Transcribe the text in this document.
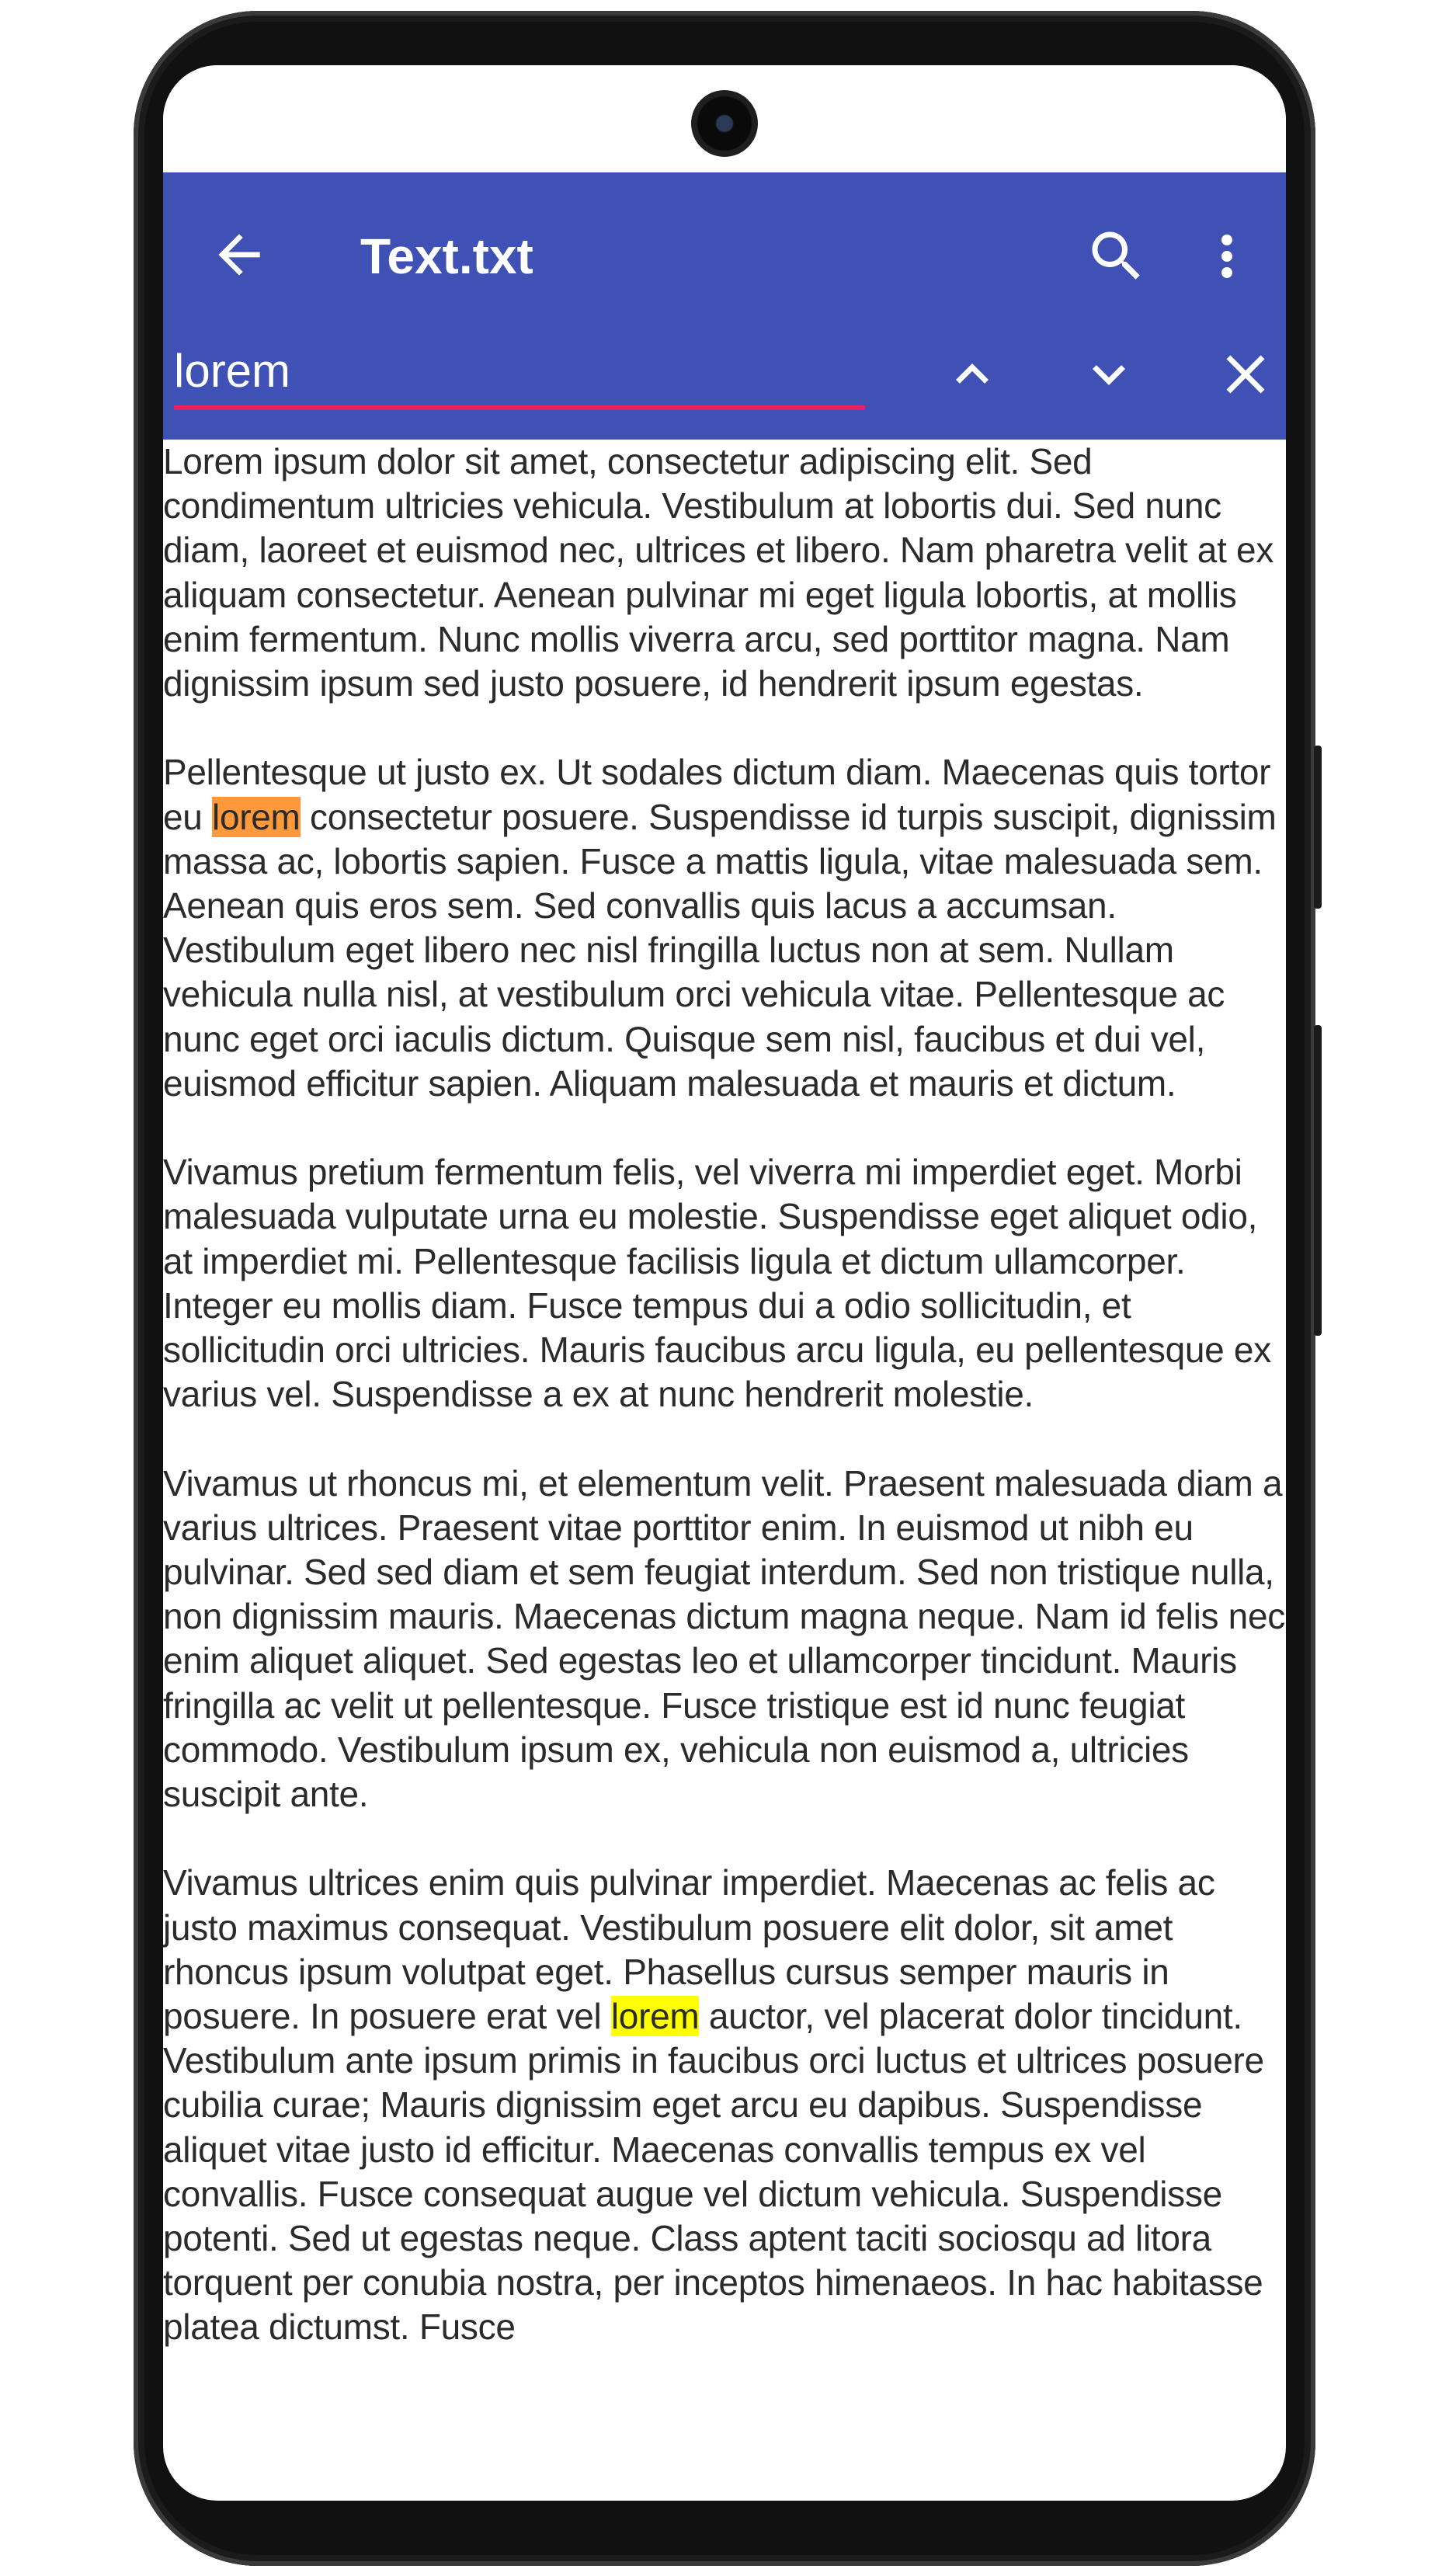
Text.txt
lorem

Lorem ipsum dolor sit amet, consectetur adipiscing elit. Sed condimentum ultricies vehicula. Vestibulum at lobortis dui. Sed nunc diam, laoreet et euismod nec, ultrices et libero. Nam pharetra velit at ex aliquam consectetur. Aenean pulvinar mi eget ligula lobortis, at mollis enim fermentum. Nunc mollis viverra arcu, sed porttitor magna. Nam dignissim ipsum sed justo posuere, id hendrerit ipsum egestas.

Pellentesque ut justo ex. Ut sodales dictum diam. Maecenas quis tortor eu lorem consectetur posuere. Suspendisse id turpis suscipit, dignissim massa ac, lobortis sapien. Fusce a mattis ligula, vitae malesuada sem. Aenean quis eros sem. Sed convallis quis lacus a accumsan. Vestibulum eget libero nec nisl fringilla luctus non at sem. Nullam vehicula nulla nisl, at vestibulum orci vehicula vitae. Pellentesque ac nunc eget orci iaculis dictum. Quisque sem nisl, faucibus et dui vel, euismod efficitur sapien. Aliquam malesuada et mauris et dictum.

Vivamus pretium fermentum felis, vel viverra mi imperdiet eget. Morbi malesuada vulputate urna eu molestie. Suspendisse eget aliquet odio, at imperdiet mi. Pellentesque facilisis ligula et dictum ullamcorper. Integer eu mollis diam. Fusce tempus dui a odio sollicitudin, et sollicitudin orci ultricies. Mauris faucibus arcu ligula, eu pellentesque ex varius vel. Suspendisse a ex at nunc hendrerit molestie.

Vivamus ut rhoncus mi, et elementum velit. Praesent malesuada diam a varius ultrices. Praesent vitae porttitor enim. In euismod ut nibh eu pulvinar. Sed sed diam et sem feugiat interdum. Sed non tristique nulla, non dignissim mauris. Maecenas dictum magna neque. Nam id felis nec enim aliquet aliquet. Sed egestas leo et ullamcorper tincidunt. Mauris fringilla ac velit ut pellentesque. Fusce tristique est id nunc feugiat commodo. Vestibulum ipsum ex, vehicula non euismod a, ultricies suscipit ante.

Vivamus ultrices enim quis pulvinar imperdiet. Maecenas ac felis ac justo maximus consequat. Vestibulum posuere elit dolor, sit amet rhoncus ipsum volutpat eget. Phasellus cursus semper mauris in posuere. In posuere erat vel lorem auctor, vel placerat dolor tincidunt. Vestibulum ante ipsum primis in faucibus orci luctus et ultrices posuere cubilia curae; Mauris dignissim eget arcu eu dapibus. Suspendisse aliquet vitae justo id efficitur. Maecenas convallis tempus ex vel convallis. Fusce consequat augue vel dictum vehicula. Suspendisse potenti. Sed ut egestas neque. Class aptent taciti sociosqu ad litora torquent per conubia nostra, per inceptos himenaeos. In hac habitasse platea dictumst. Fusce
